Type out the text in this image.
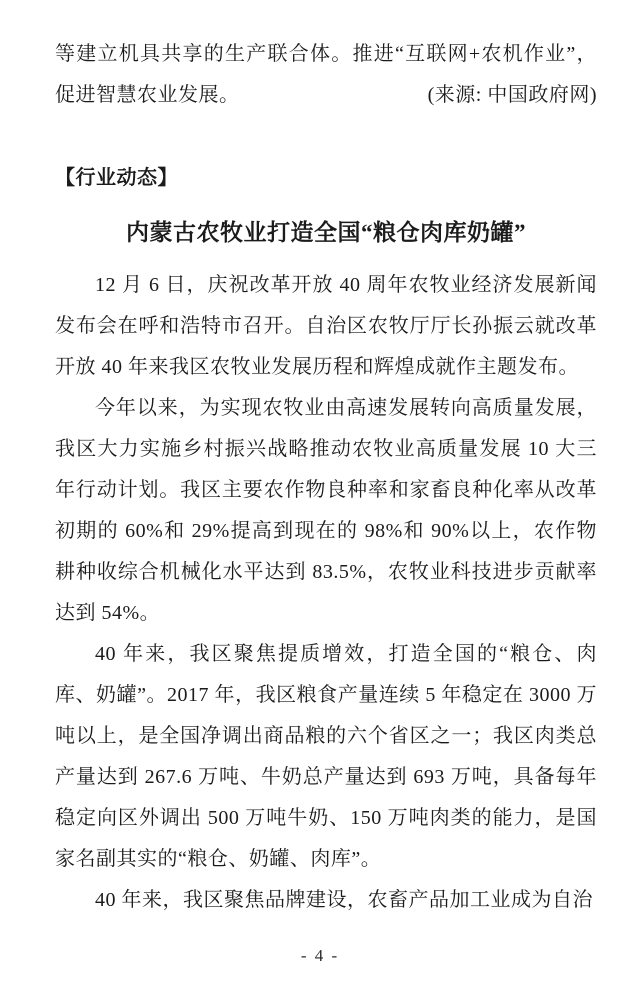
等建立机具共享的生产联合体。推进“互联网+农机作业”，促进智慧农业发展。	(来源: 中国政府网)
【行业动态】
内蒙古农牧业打造全国“粮仓肉库奶罐”

12 月 6 日，庆祝改革开放 40 周年农牧业经济发展新闻发布会在呼和浩特市召开。自治区农牧厅厅长孙振云就改革开放 40 年来我区农牧业发展历程和辉煌成就作主题发布。

今年以来，为实现农牧业由高速发展转向高质量发展，我区大力实施乡村振兴战略推动农牧业高质量发展 10 大三年行动计划。我区主要农作物良种率和家畜良种化率从改革初期的 60%和 29%提高到现在的 98%和 90%以上，农作物耕种收综合机械化水平达到 83.5%，农牧业科技进步贡献率达到 54%。

40 年来，我区聚焦提质增效，打造全国的“粮仓、肉库、奶罐”。2017 年，我区粮食产量连续 5 年稳定在 3000 万吨以上，是全国净调出商品粮的六个省区之一；我区肉类总产量达到 267.6 万吨、牛奶总产量达到 693 万吨，具备每年稳定向区外调出 500 万吨牛奶、150 万吨肉类的能力，是国家名副其实的“粮仓、奶罐、肉库”。

40 年来，我区聚焦品牌建设，农畜产品加工业成为自治

- 4 -
